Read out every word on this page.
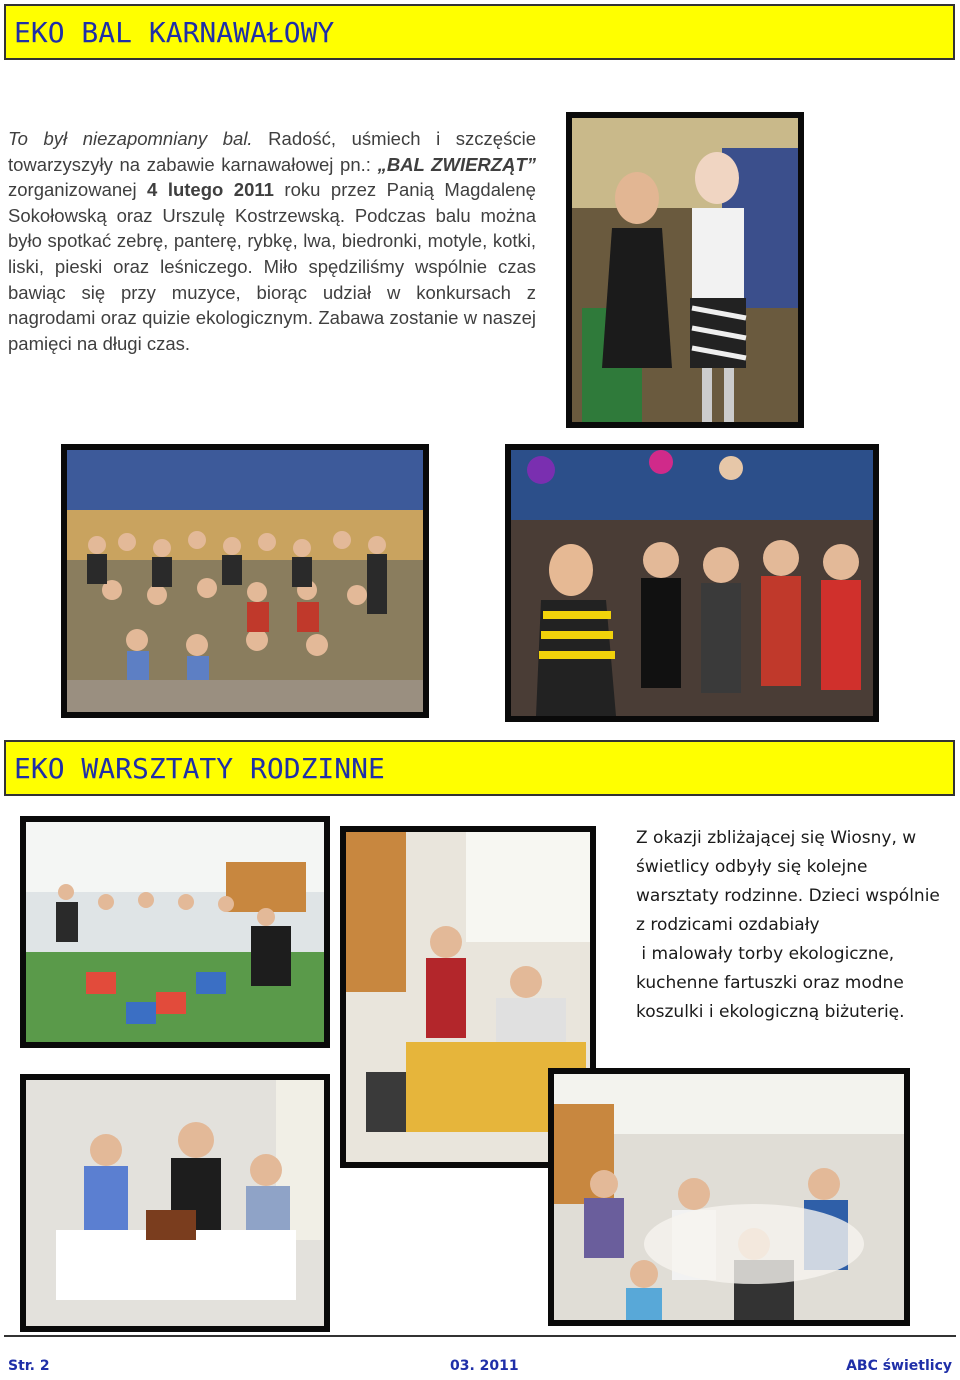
EKO BAL KARNAWAŁOWY
To był niezapomniany bal. Radość, uśmiech i szczęście towarzyszyły na zabawie karnawałowej pn.: „BAL ZWIERZĄT” zorganizowanej 4 lutego 2011 roku przez Panią Magdalenę Sokołowską oraz Urszulę Kostrzewską. Podczas balu można było spotkać zebrę, panterę, rybkę, lwa, biedronki, motyle, kotki, liski, pieski oraz leśniczego. Miło spędziliśmy wspólnie czas bawiąc się przy muzyce, biorąc udział w konkursach z nagrodami oraz quizie ekologicznym. Zabawa zostanie w naszej pamięci na długi czas.
EKO WARSZTATY RODZINNE

Z okazji zbliżającej się Wiosny, w świetlicy odbyły się kolejne warsztaty rodzinne. Dzieci wspólnie z rodzicami ozdabiały

i malowały torby ekologiczne, kuchenne fartuszki oraz modne koszulki i ekologiczną biżuterię.

Str. 2	03. 2011	ABC świetlicy
